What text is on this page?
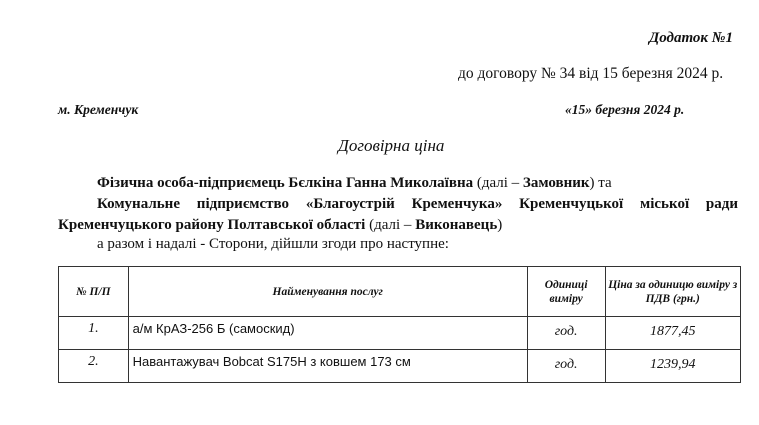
Додаток №1
до договору № 34 від 15 березня 2024 р.
м. Кременчук	«15» березня 2024 р.
Договірна ціна
Фізична особа-підприємець Бєлкіна Ганна Миколаївна (далі – Замовник) та
Комунальне підприємство «Благоустрій Кременчука» Кременчуцької міської ради
Кременчуцького району Полтавської області (далі – Виконавець)
а разом і надалі - Сторони, дійшли згоди про наступне:
№ П/П	Найменування послуг	Одиниці виміру	Ціна за одиницю виміру з ПДВ (грн.)
1.	а/м КрАЗ-256 Б (самоскид)	год.	1877,45
2.	Навантажувач Bobcat S175H з ковшем 173 см	год.	1239,94
